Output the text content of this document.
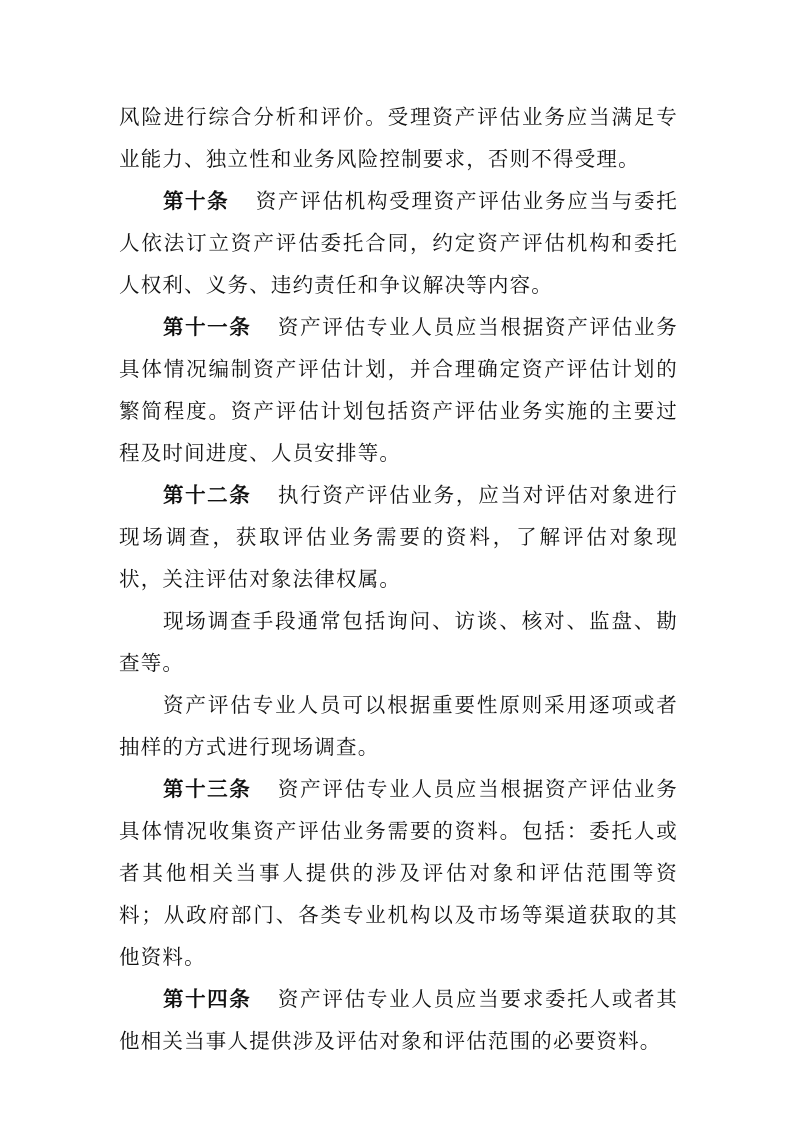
风险进行综合分析和评价。受理资产评估业务应当满足专业能力、独立性和业务风险控制要求，否则不得受理。

第十条 资产评估机构受理资产评估业务应当与委托人依法订立资产评估委托合同，约定资产评估机构和委托人权利、义务、违约责任和争议解决等内容。

第十一条 资产评估专业人员应当根据资产评估业务具体情况编制资产评估计划，并合理确定资产评估计划的繁简程度。资产评估计划包括资产评估业务实施的主要过程及时间进度、人员安排等。

第十二条 执行资产评估业务，应当对评估对象进行现场调查，获取评估业务需要的资料，了解评估对象现状，关注评估对象法律权属。

现场调查手段通常包括询问、访谈、核对、监盘、勘查等。

资产评估专业人员可以根据重要性原则采用逐项或者抽样的方式进行现场调查。

第十三条 资产评估专业人员应当根据资产评估业务具体情况收集资产评估业务需要的资料。包括：委托人或者其他相关当事人提供的涉及评估对象和评估范围等资料；从政府部门、各类专业机构以及市场等渠道获取的其他资料。

第十四条 资产评估专业人员应当要求委托人或者其他相关当事人提供涉及评估对象和评估范围的必要资料。
